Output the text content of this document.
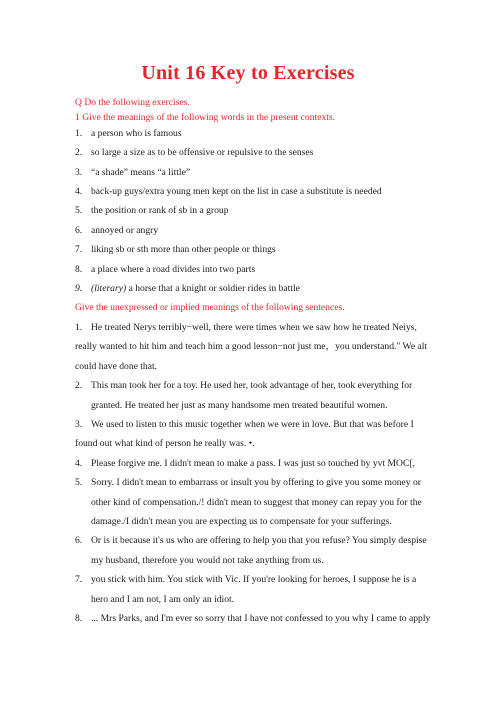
Unit 16 Key to Exercises
Q Do the following exercises.
1 Give the meanings of the following words in the present contexts.
1. a person who is famous
2. so large a size as to be offensive or repulsive to the senses
3. “a shade” means “a little”
4. back-up guys/extra young men kept on the list in case a substitute is needed
5. the position or rank of sb in a group
6. annoyed or angry
7. liking sb or sth more than other people or things
8. a place where a road divides into two parts
9. (literary) a horse that a knight or soldier rides in battle
Give the unexpressed or implied meanings of the following sentences.
1. He treated Nerys terribly−well, there were times when we saw how he treated Neiys,
really wanted to hit him and teach him a good lesson−not just me，you understand." We alt
could have done that.
2. This man took her for a toy. He used her, took advantage of her, took everything for
granted. He treated her just as many handsome men treated beautiful women.
3. We used to listen to this music together when we were in love. But that was before I
found out what kind of person he really was. •.
4. Please forgive me. I didn't mean to make a pass. I was just so touched by yvt MOC[,
5. Sorry. I didn't mean to embarrass or insult you by offering to give you some money or
other kind of compensation./! didn't mean to suggest that money can repay you for the
damage./I didn't mean you are expecting us to compensate for your sufferings.
6. Or is it because it's us who are offering to help you that you refuse? You simply despise
my husband, therefore you would not take anything from us.
7. you stick with him. You stick with Vic. If you're looking for heroes, I suppose he is a
hero and I am not, I am only an idiot.
8. ... Mrs Parks, and I'm ever so sorry that I have not confessed to you why I came to apply
